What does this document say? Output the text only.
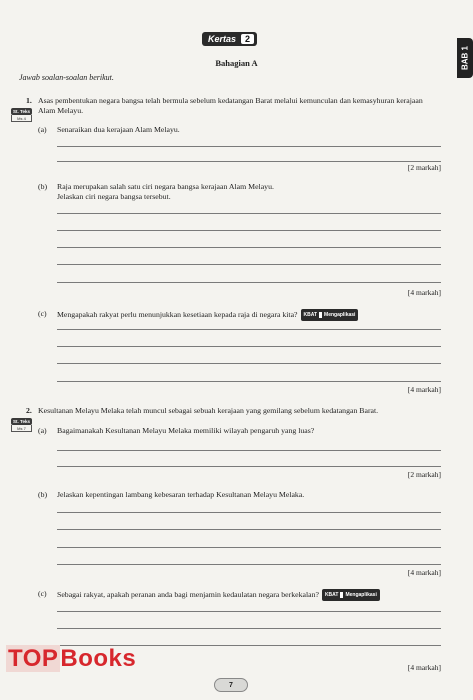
Kertas	2
BAB 1
Bahagian A
Jawab soalan-soalan berikut.
1. Asas pembentukan negara bangsa telah bermula sebelum kedatangan Barat melalui kemunculan dan kemasyhuran kerajaan
Alam Melayu.
St. Teks
Ms 4
(a) Senaraikan dua kerajaan Alam Melayu.
[2 markah]
(b) Raja merupakan salah satu ciri negara bangsa kerajaan Alam Melayu.
Jelaskan ciri negara bangsa tersebut.
[4 markah]
(c) Mengapakah rakyat perlu menunjukkan kesetiaan kepada raja di negara kita? KBAT Mengaplikasi
[4 markah]
2. Kesultanan Melayu Melaka telah muncul sebagai sebuah kerajaan yang gemilang sebelum kedatangan Barat.
St. Teks
Ms 7	(a) Bagaimanakah Kesultanan Melayu Melaka memiliki wilayah pengaruh yang luas?
[2 markah]
(b) Jelaskan kepentingan lambang kebesaran terhadap Kesultanan Melayu Melaka.
[4 markah]
(c) Sebagai rakyat, apakah peranan anda bagi menjamin kedaulatan negara berkekalan? KBAT Mengaplikasi
[4 markah]
TOPBooks
7
